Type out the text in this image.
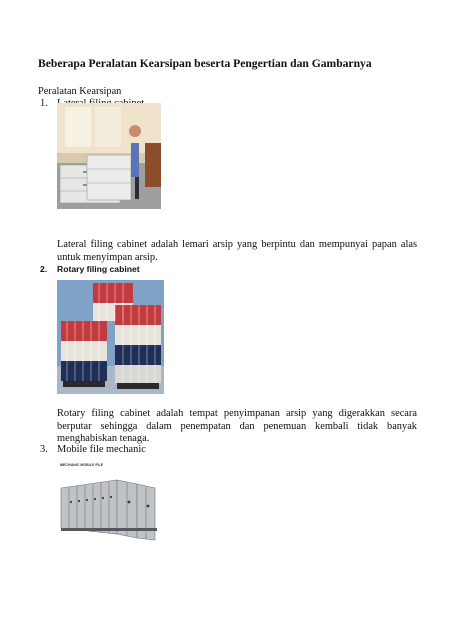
Beberapa Peralatan Kearsipan beserta Pengertian dan Gambarnya
Peralatan Kearsipan
1.
Lateral filing cabinet adalah lemari arsip yang berpintu dan mempunyai papan alas untuk menyimpan arsip.
2. Rotary filing cabinet
Rotary filing cabinet adalah tempat penyimpanan arsip yang digerakkan secara berputar sehingga dalam penempatan dan penemuan kembali tidak banyak menghabiskan tenaga.
3. Mobile file mechanic
MECHANIC MOBILE FILE
